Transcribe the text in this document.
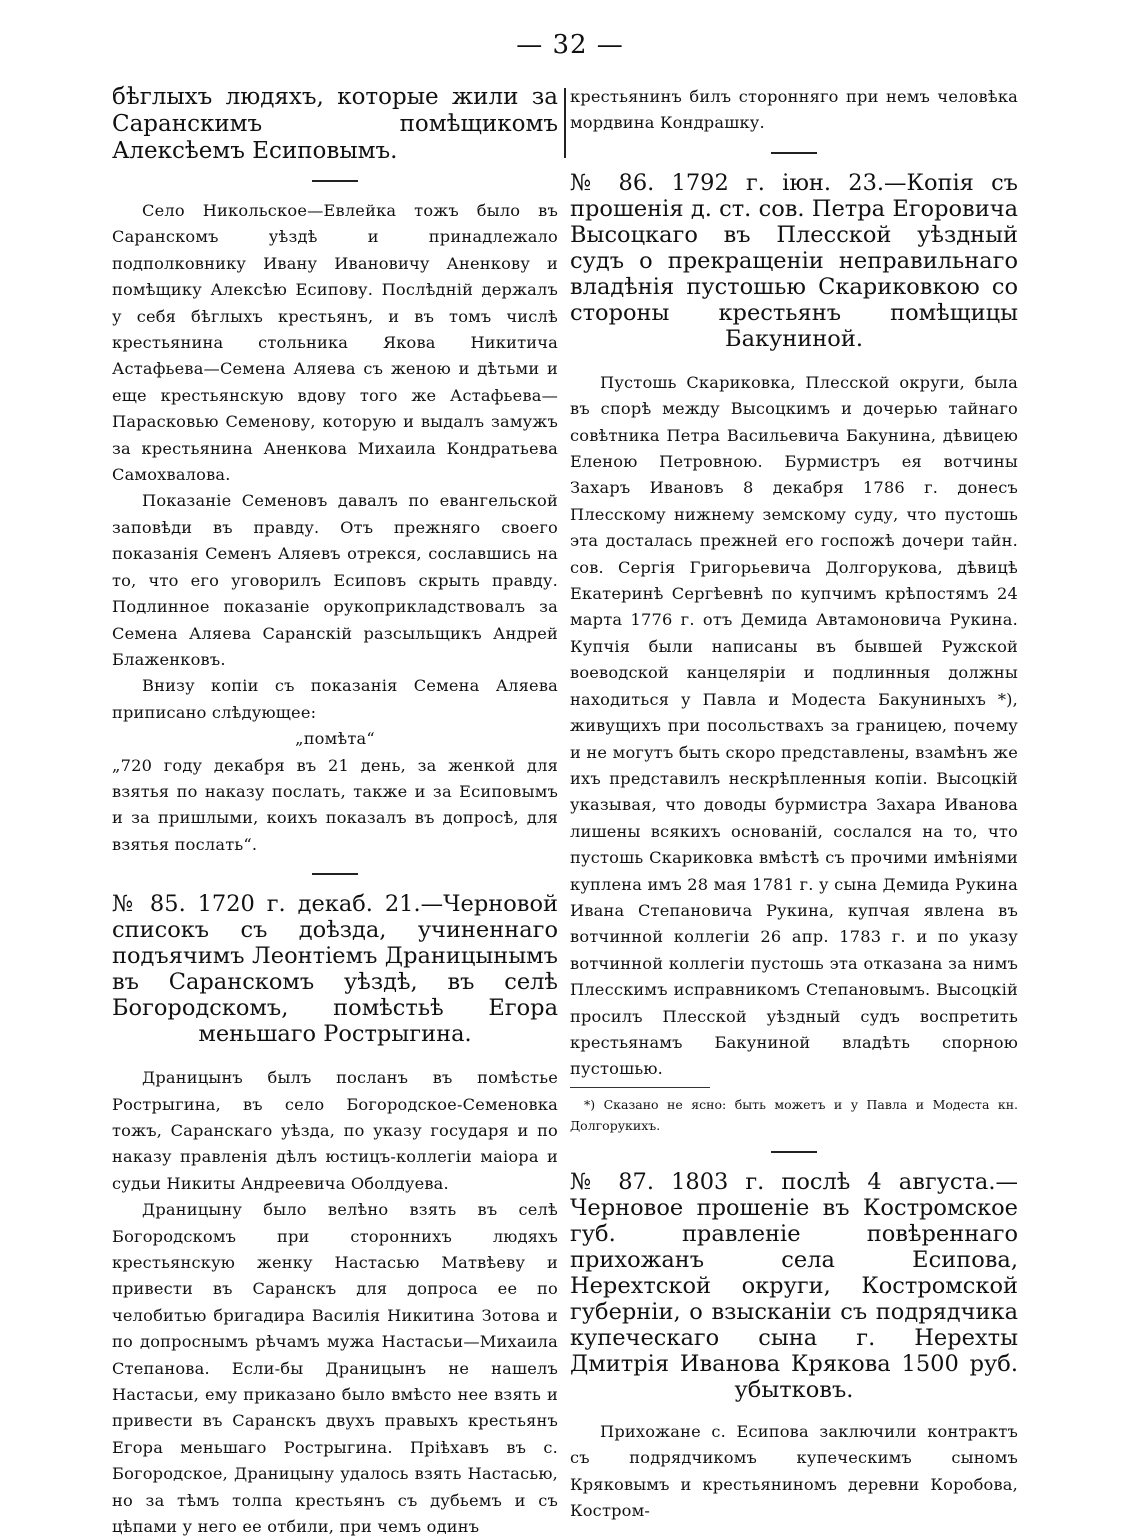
— 32 —

бѣглыхъ людяхъ, которые жили за Саранскимъ помѣщикомъ Алексѣемъ Есиповымъ.

Село Никольское—Евлейка тожъ было въ Саранскомъ уѣздѣ и принадлежало подполковнику Ивану Ивановичу Аненкову и помѣщику Алексѣю Есипову. Послѣдній держалъ у себя бѣглыхъ крестьянъ, и въ томъ числѣ крестьянина стольника Якова Никитича Астафьева—Семена Аляева съ женою и дѣтьми и еще крестьянскую вдову того же Астафьева—Парасковью Семенову, которую и выдалъ замужъ за крестьянина Аненкова Михаила Кондратьева Самохвалова.

Показаніе Семеновъ давалъ по евангельской заповѣди въ правду. Отъ прежняго своего показанія Семенъ Аляевъ отрекся, сославшись на то, что его уговорилъ Есиповъ скрыть правду. Подлинное показаніе орукоприкладствовалъ за Семена Аляева Саранскій разсыльщикъ Андрей Блаженковъ.

Внизу копіи съ показанія Семена Аляева приписано слѣдующее:

„помѣта“

„720 году декабря въ 21 день, за женкой для взятья по наказу послать, также и за Есиповымъ и за пришлыми, коихъ показалъ въ допросѣ, для взятья послать“.

№ 85. 1720 г. декаб. 21.—Черновой списокъ съ доѣзда, учиненнаго подъячимъ Леонтіемъ Драницынымъ въ Саранскомъ уѣздѣ, въ селѣ Богородскомъ, помѣстьѣ Егора меньшаго Рострыгина.

Драницынъ былъ посланъ въ помѣстье Рострыгина, въ село Богородское-Семеновка тожъ, Саранскаго уѣзда, по указу государя и по наказу правленія дѣлъ юстицъ-коллегіи маіора и судьи Никиты Андреевича Оболдуева.

Драницыну было велѣно взять въ селѣ Богородскомъ при стороннихъ людяхъ крестьянскую женку Настасью Матвѣеву и привести въ Саранскъ для допроса ее по челобитью бригадира Василія Никитина Зотова и по допроснымъ рѣчамъ мужа Настасьи—Михаила Степанова. Если-бы Драницынъ не нашелъ Настасьи, ему приказано было вмѣсто нее взять и привести въ Саранскъ двухъ правыхъ крестьянъ Егора меньшаго Рострыгина. Пріѣхавъ въ с. Богородское, Драницыну удалось взять Настасью, но за тѣмъ толпа крестьянъ съ дубьемъ и съ цѣпами у него ее отбили, при чемъ одинъ

крестьянинъ билъ сторонняго при немъ человѣка мордвина Кондрашку.

№ 86. 1792 г. іюн. 23.—Копія съ прошенія д. ст. сов. Петра Егоровича Высоцкаго въ Плесской уѣздный судъ о прекращеніи неправильнаго владѣнія пустошью Скариковкою со стороны крестьянъ помѣщицы Бакуниной.

Пустошь Скариковка, Плесской округи, была въ спорѣ между Высоцкимъ и дочерью тайнаго совѣтника Петра Васильевича Бакунина, дѣвицею Еленою Петровною. Бурмистръ ея вотчины Захаръ Ивановъ 8 декабря 1786 г. донесъ Плесскому нижнему земскому суду, что пустошь эта досталась прежней его госпожѣ дочери тайн. сов. Сергія Григорьевича Долгорукова, дѣвицѣ Екатеринѣ Сергѣевнѣ по купчимъ крѣпостямъ 24 марта 1776 г. отъ Демида Автамоновича Рукина. Купчія были написаны въ бывшей Ружской воеводской канцеляріи и подлинныя должны находиться у Павла и Модеста Бакуниныхъ *), живущихъ при посольствахъ за границею, почему и не могутъ быть скоро представлены, взамѣнъ же ихъ представилъ нескрѣпленныя копіи. Высоцкій указывая, что доводы бурмистра Захара Иванова лишены всякихъ основаній, сослался на то, что пустошь Скариковка вмѣстѣ съ прочими имѣніями куплена имъ 28 мая 1781 г. у сына Демида Рукина Ивана Степановича Рукина, купчая явлена въ вотчинной коллегіи 26 апр. 1783 г. и по указу вотчинной коллегіи пустошь эта отказана за нимъ Плесскимъ исправникомъ Степановымъ. Высоцкій просилъ Плесской уѣздный судъ воспретить крестьянамъ Бакуниной владѣть спорною пустошью.

*) Сказано не ясно: быть можетъ и у Павла и Модеста кн. Долгорукихъ.

№ 87. 1803 г. послѣ 4 августа.—Черновое прошеніе въ Костромское губ. правленіе повѣреннаго прихожанъ села Есипова, Нерехтской округи, Костромской губерніи, о взысканіи съ подрядчика купеческаго сына г. Нерехты Дмитрія Иванова Крякова 1500 руб. убытковъ.

Прихожане с. Есипова заключили контрактъ съ подрядчикомъ купеческимъ сыномъ Кряковымъ и крестьяниномъ деревни Коробова, Костром-
